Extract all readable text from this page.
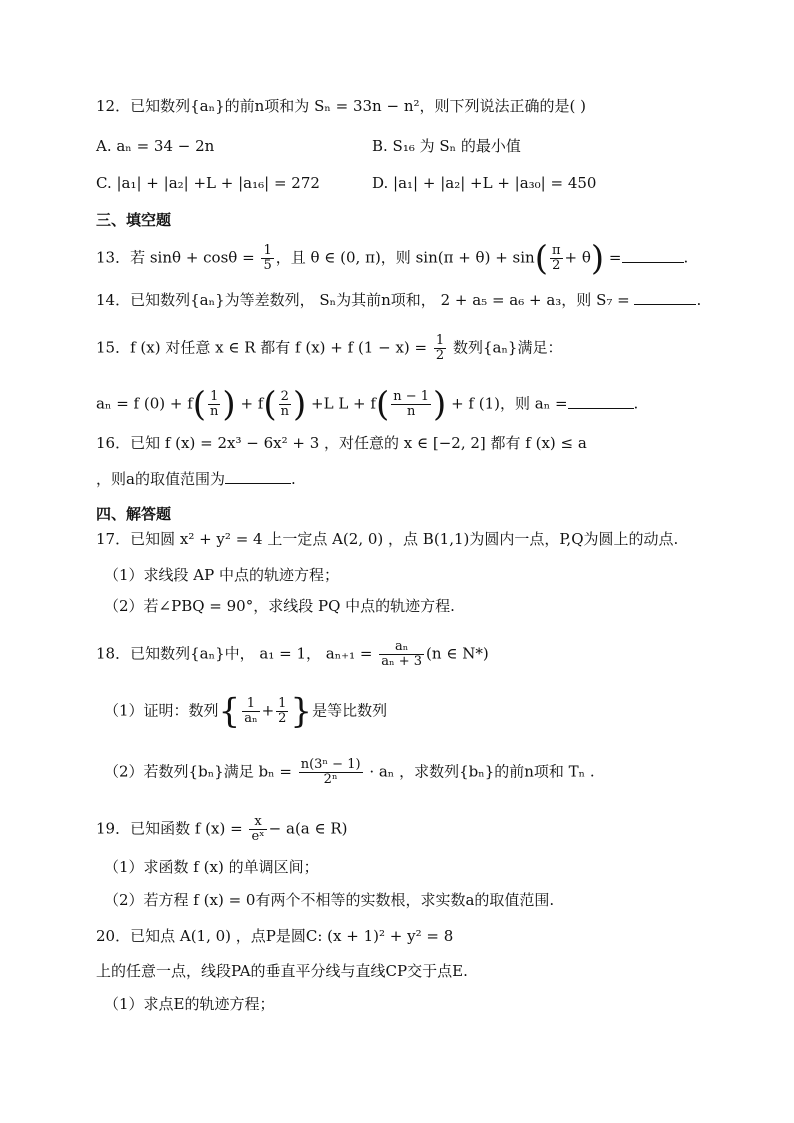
12．已知数列{aₙ}的前n项和为 Sₙ = 33n − n²，则下列说法正确的是( )
A. aₙ = 34 − 2n	B. S₁₆ 为 Sₙ 的最小值
C. |a₁| + |a₂| +L + |a₁₆| = 272	D. |a₁| + |a₂| +L + |a₃₀| = 450
三、填空题
13．若 $\sin\theta + \cos\theta = \frac{1}{5}$ ，且 θ ∈ (0, π)，则 $\sin(\pi + \theta) + \sin( \frac{\pi}{2} + \theta)$ =	.
14．已知数列{aₙ}为等差数列， Sₙ为其前n项和， 2 + a₅ = a₆ + a₃，则 S₇ =	.
15．f (x) 对任意 x ∈ R 都有 f (x) + f $(1 - x) = \frac{1}{2}$ 数列{aₙ}满足：
aₙ = f $(0) + f( \frac{1}{n}$ ) + $f( \frac{2}{n}$ ) +L $L + f( \frac{n - 1}{n}$ ) + f (1)，则 aₙ =	.
16．已知 f (x) = 2x³ − 6x² + 3 ，对任意的 x ∈ [−2, 2] 都有 f (x) ≤ a
，则a的取值范围为	.
四、解答题
17．已知圆 x² + y² = 4 上一定点 A(2, 0) ，点 B(1,1)为圆内一点，P,Q为圆上的动点.
（1）求线段 AP 中点的轨迹方程；
（2）若∠PBQ = 90°，求线段 PQ 中点的轨迹方程.
18．已知数列{aₙ}中， a₁ = 1， $a_{n+1} = \frac{\text{aₙ}}{\text{aₙ + 3}} (n$ ∈ N*)
（1）证明：数列{ $\frac{1}{\text{aₙ}} + \frac{1}{2}$ }是等比数列
（2）若数列{bₙ}满足 $b_n = \frac{\text{n(3ⁿ − 1)}}{\text{2ⁿ}} \cdot a_n$ ，求数列{bₙ}的前n项和 Tₙ .
19．已知函数 f $(x) = \frac{x}{\text{eˣ}} - a(a$ ∈ R)
（1）求函数 f (x) 的单调区间；
（2）若方程 f (x) = 0有两个不相等的实数根，求实数a的取值范围.
20．已知点 A(1, 0) ，点P是圆C: (x + 1)² + y² = 8
上的任意一点，线段PA的垂直平分线与直线CP交于点E.
（1）求点E的轨迹方程；
